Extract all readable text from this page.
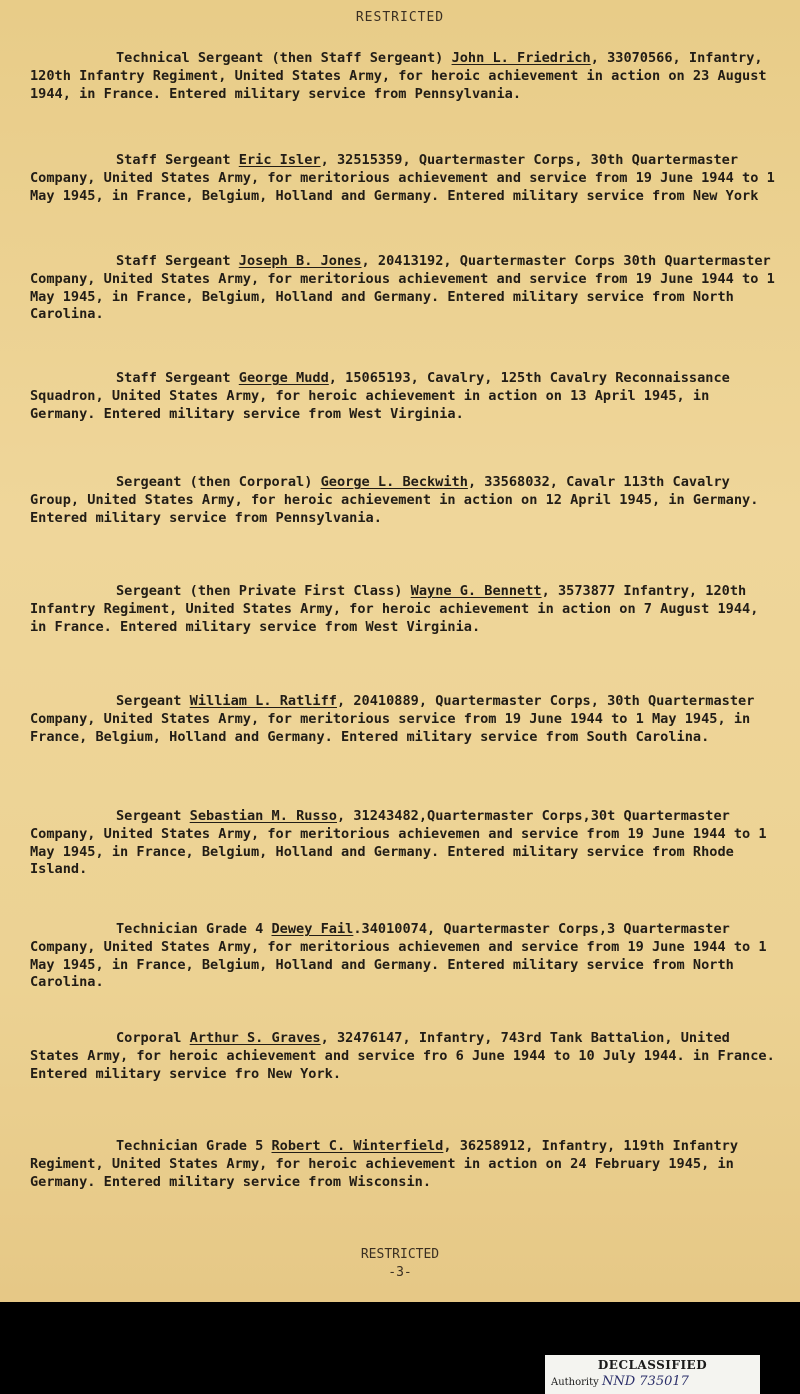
RESTRICTED
Technical Sergeant (then Staff Sergeant) John L. Friedrich, 33070566, Infantry, 120th Infantry Regiment, United States Army, for heroic achievement in action on 23 August 1944, in France. Entered military service from Pennsylvania.
Staff Sergeant Eric Isler, 32515359, Quartermaster Corps, 30th Quartermaster Company, United States Army, for meritorious achievement and service from 19 June 1944 to 1 May 1945, in France, Belgium, Holland and Germany. Entered military service from New York
Staff Sergeant Joseph B. Jones, 20413192, Quartermaster Corps 30th Quartermaster Company, United States Army, for meritorious achievement and service from 19 June 1944 to 1 May 1945, in France, Belgium, Holland and Germany. Entered military service from North Carolina.
Staff Sergeant George Mudd, 15065193, Cavalry, 125th Cavalry Reconnaissance Squadron, United States Army, for heroic achievement in action on 13 April 1945, in Germany. Entered military service from West Virginia.
Sergeant (then Corporal) George L. Beckwith, 33568032, Cavalr 113th Cavalry Group, United States Army, for heroic achievement in action on 12 April 1945, in Germany. Entered military service from Pennsylvania.
Sergeant (then Private First Class) Wayne G. Bennett, 3573877 Infantry, 120th Infantry Regiment, United States Army, for heroic achievement in action on 7 August 1944, in France. Entered military service from West Virginia.
Sergeant William L. Ratliff, 20410889, Quartermaster Corps, 30th Quartermaster Company, United States Army, for meritorious service from 19 June 1944 to 1 May 1945, in France, Belgium, Holland and Germany. Entered military service from South Carolina.
Sergeant Sebastian M. Russo, 31243482,Quartermaster Corps,30t Quartermaster Company, United States Army, for meritorious achievemen and service from 19 June 1944 to 1 May 1945, in France, Belgium, Holland and Germany. Entered military service from Rhode Island.
Technician Grade 4 Dewey Fail.34010074, Quartermaster Corps,3 Quartermaster Company, United States Army, for meritorious achievemen and service from 19 June 1944 to 1 May 1945, in France, Belgium, Holland and Germany. Entered military service from North Carolina.
Corporal Arthur S. Graves, 32476147, Infantry, 743rd Tank Battalion, United States Army, for heroic achievement and service fro 6 June 1944 to 10 July 1944. in France. Entered military service fro New York.
Technician Grade 5 Robert C. Winterfield, 36258912, Infantry, 119th Infantry Regiment, United States Army, for heroic achievement in action on 24 February 1945, in Germany. Entered military service from Wisconsin.
RESTRICTED
-3-
DECLASSIFIED
Authority NND 735017
